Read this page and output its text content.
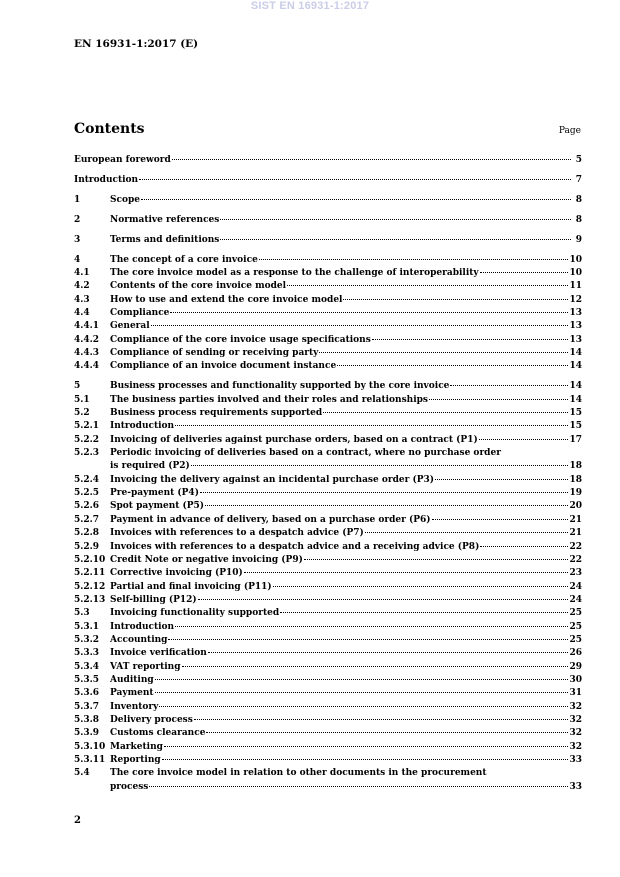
SIST EN 16931-1:2017
EN 16931-1:2017 (E)
Contents	Page
European foreword	5
Introduction	7
1	Scope	8
2	Normative references	8
3	Terms and definitions	9
4	The concept of a core invoice	10
4.1	The core invoice model as a response to the challenge of interoperability	10
4.2	Contents of the core invoice model	11
4.3	How to use and extend the core invoice model	12
4.4	Compliance	13
4.4.1	General	13
4.4.2	Compliance of the core invoice usage specifications	13
4.4.3	Compliance of sending or receiving party	14
4.4.4	Compliance of an invoice document instance	14
5	Business processes and functionality supported by the core invoice	14
5.1	The business parties involved and their roles and relationships	14
5.2	Business process requirements supported	15
5.2.1	Introduction	15
5.2.2	Invoicing of deliveries against purchase orders, based on a contract (P1)	17
5.2.3	Periodic invoicing of deliveries based on a contract, where no purchase order
is required (P2)	18
5.2.4	Invoicing the delivery against an incidental purchase order (P3)	18
5.2.5	Pre-payment (P4)	19
5.2.6	Spot payment (P5)	20
5.2.7	Payment in advance of delivery, based on a purchase order (P6)	21
5.2.8	Invoices with references to a despatch advice (P7)	21
5.2.9	Invoices with references to a despatch advice and a receiving advice (P8)	22
5.2.10 Credit Note or negative invoicing (P9)	22
5.2.11 Corrective invoicing (P10)	23
5.2.12 Partial and final invoicing (P11)	24
5.2.13 Self-billing (P12)	24
5.3	Invoicing functionality supported	25
5.3.1	Introduction	25
5.3.2	Accounting	25
5.3.3	Invoice verification	26
5.3.4	VAT reporting	29
5.3.5	Auditing	30
5.3.6	Payment	31
5.3.7	Inventory	32
5.3.8	Delivery process	32
5.3.9	Customs clearance	32
5.3.10 Marketing	32
5.3.11 Reporting	33
5.4	The core invoice model in relation to other documents in the procurement
process	33
2
